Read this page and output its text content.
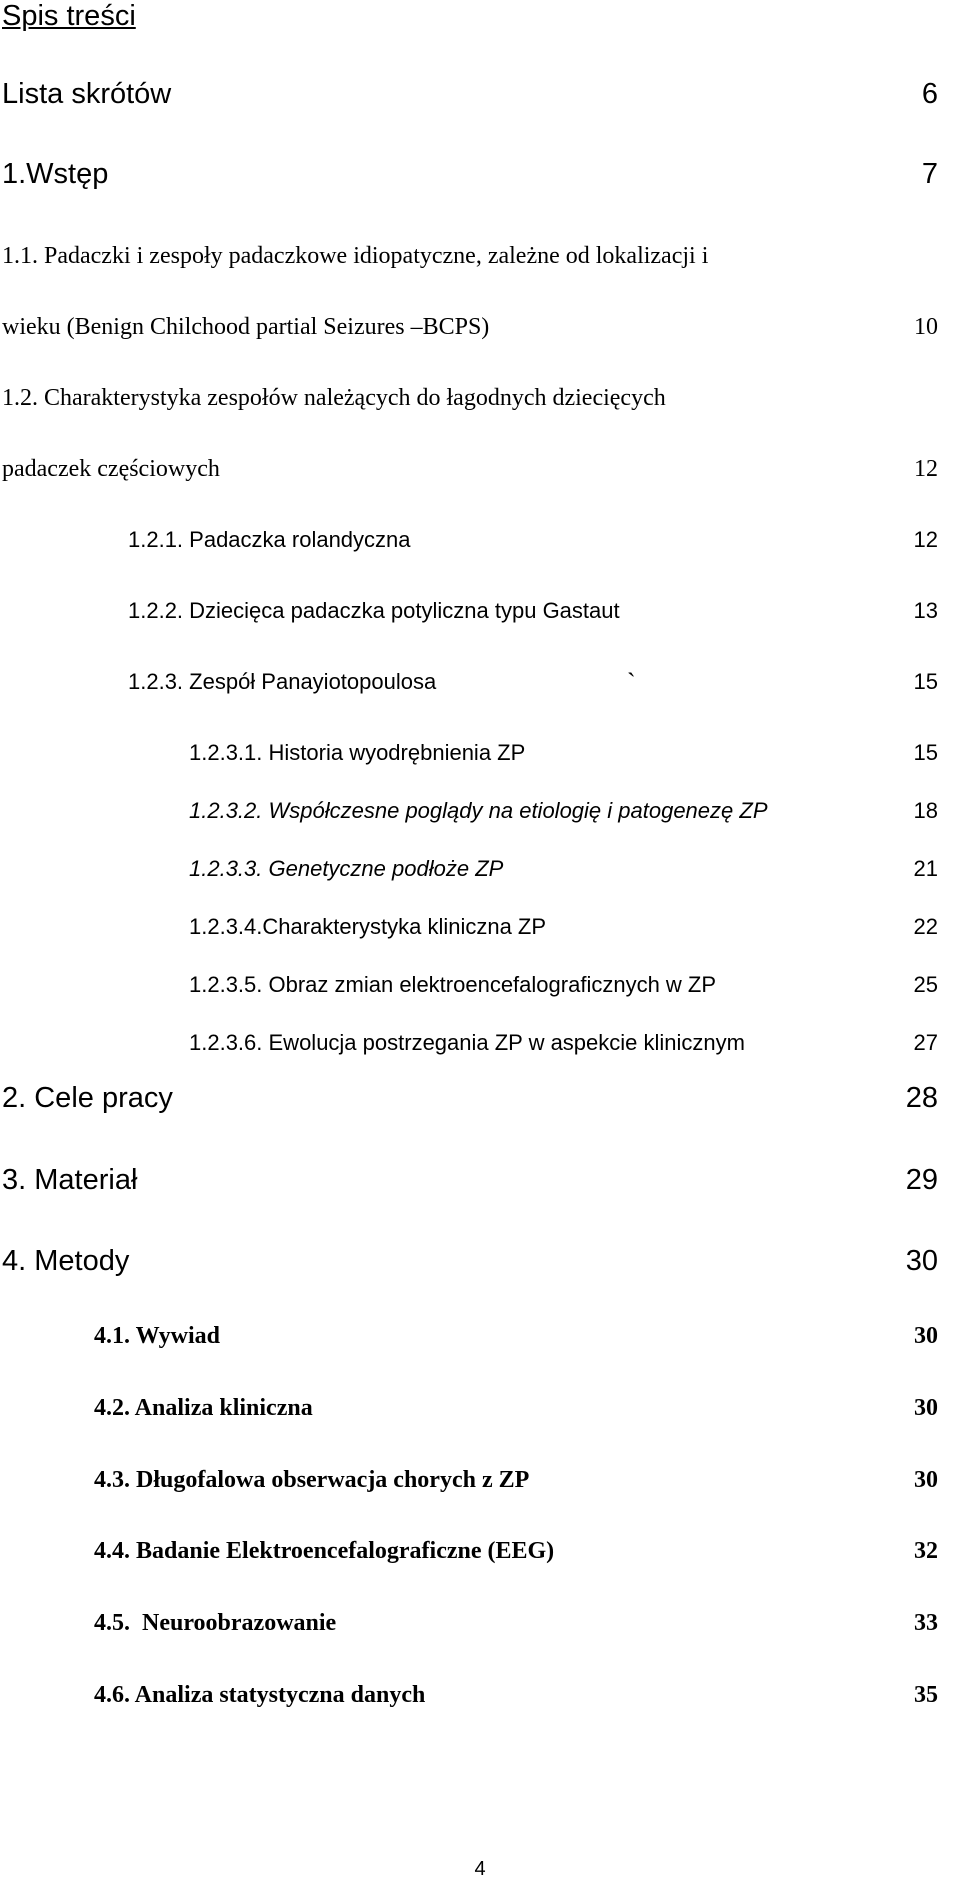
Spis treści
Lista skrótów	6
1.Wstęp	7
1.1. Padaczki i zespoły padaczkowe idiopatyczne, zależne od lokalizacji i
wieku (Benign Chilchood partial Seizures –BCPS)	10
1.2. Charakterystyka zespołów należących do łagodnych dziecięcych
padaczek częściowych	12
1.2.1. Padaczka rolandyczna	12
1.2.2. Dziecięca padaczka potyliczna typu Gastaut	13
1.2.3. Zespół Panayiotopoulosa	15
`
1.2.3.1. Historia wyodrębnienia ZP	15
1.2.3.2. Współczesne poglądy na etiologię i patogenezę ZP	18
1.2.3.3. Genetyczne podłoże ZP	21
1.2.3.4.Charakterystyka kliniczna ZP	22
1.2.3.5. Obraz zmian elektroencefalograficznych w ZP	25
1.2.3.6. Ewolucja postrzegania ZP w aspekcie klinicznym	27
2. Cele pracy	28
3. Materiał	29
4. Metody	30
4.1. Wywiad	30
4.2. Analiza kliniczna	30
4.3. Długofalowa obserwacja chorych z ZP	30
4.4. Badanie Elektroencefalograficzne (EEG)	32
4.5.  Neuroobrazowanie	33
4.6. Analiza statystyczna danych	35
4
